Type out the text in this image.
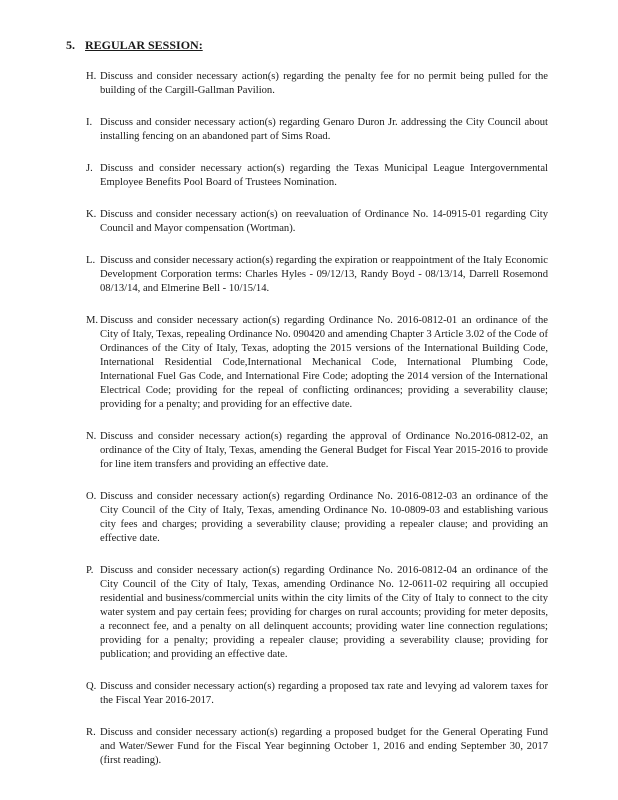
5. REGULAR SESSION:
H. Discuss and consider necessary action(s) regarding the penalty fee for no permit being pulled for the building of the Cargill-Gallman Pavilion.
I. Discuss and consider necessary action(s) regarding Genaro Duron Jr. addressing the City Council about installing fencing on an abandoned part of Sims Road.
J. Discuss and consider necessary action(s) regarding the Texas Municipal League Intergovernmental Employee Benefits Pool Board of Trustees Nomination.
K. Discuss and consider necessary action(s) on reevaluation of Ordinance No. 14-0915-01 regarding City Council and Mayor compensation (Wortman).
L. Discuss and consider necessary action(s) regarding the expiration or reappointment of the Italy Economic Development Corporation terms: Charles Hyles - 09/12/13, Randy Boyd - 08/13/14, Darrell Rosemond 08/13/14, and Elmerine Bell - 10/15/14.
M. Discuss and consider necessary action(s) regarding Ordinance No. 2016-0812-01 an ordinance of the City of Italy, Texas, repealing Ordinance No. 090420 and amending Chapter 3 Article 3.02 of the Code of Ordinances of the City of Italy, Texas, adopting the 2015 versions of the International Building Code, International Residential Code,International Mechanical Code, International Plumbing Code, International Fuel Gas Code, and International Fire Code; adopting the 2014 version of the International Electrical Code; providing for the repeal of conflicting ordinances; providing a severability clause; providing for a penalty; and providing for an effective date.
N. Discuss and consider necessary action(s) regarding the approval of Ordinance No.2016-0812-02, an ordinance of the City of Italy, Texas, amending the General Budget for Fiscal Year 2015-2016 to provide for line item transfers and providing an effective date.
O. Discuss and consider necessary action(s) regarding Ordinance No. 2016-0812-03 an ordinance of the City Council of the City of Italy, Texas, amending Ordinance No. 10-0809-03 and establishing various city fees and charges; providing a severability clause; providing a repealer clause; and providing an effective date.
P. Discuss and consider necessary action(s) regarding Ordinance No. 2016-0812-04 an ordinance of the City Council of the City of Italy, Texas, amending Ordinance No. 12-0611-02 requiring all occupied residential and business/commercial units within the city limits of the City of Italy to connect to the city water system and pay certain fees; providing for charges on rural accounts; providing for meter deposits, a reconnect fee, and a penalty on all delinquent accounts; providing water line connection regulations; providing for a penalty; providing a repealer clause; providing a severability clause; providing for publication; and providing an effective date.
Q. Discuss and consider necessary action(s) regarding a proposed tax rate and levying ad valorem taxes for the Fiscal Year 2016-2017.
R. Discuss and consider necessary action(s) regarding a proposed budget for the General Operating Fund and Water/Sewer Fund for the Fiscal Year beginning October 1, 2016 and ending September 30, 2017 (first reading).
